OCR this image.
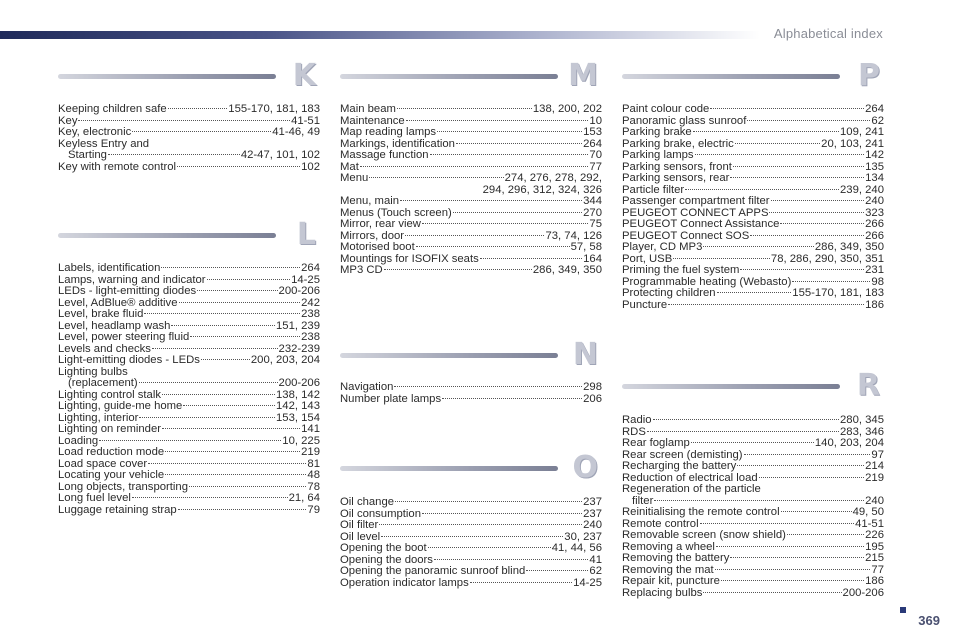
Alphabetical index
K
Keeping children safe	155-170, 181, 183
Key	41-51
Key, electronic	41-46, 49
Keyless Entry and
Starting	42-47, 101, 102
Key with remote control	102
L
Labels, identification	264
Lamps, warning and indicator	14-25
LEDs - light-emitting diodes	200-206
Level, AdBlue® additive	242
Level, brake fluid	238
Level, headlamp wash	151, 239
Level, power steering fluid	238
Levels and checks	232-239
Light-emitting diodes - LEDs	200, 203, 204
Lighting bulbs
(replacement)	200-206
Lighting control stalk	138, 142
Lighting, guide-me home	142, 143
Lighting, interior	153, 154
Lighting on reminder	141
Loading	10, 225
Load reduction mode	219
Load space cover	81
Locating your vehicle	48
Long objects, transporting	78
Long fuel level	21, 64
Luggage retaining strap	79
M
Main beam	138, 200, 202
Maintenance	10
Map reading lamps	153
Markings, identification	264
Massage function	70
Mat	77
Menu	274, 276, 278, 292,
294, 296, 312, 324, 326
Menu, main	344
Menus (Touch screen)	270
Mirror, rear view	75
Mirrors, door	73, 74, 126
Motorised boot	57, 58
Mountings for ISOFIX seats	164
MP3 CD	286, 349, 350
N
Navigation	298
Number plate lamps	206
O
Oil change	237
Oil consumption	237
Oil filter	240
Oil level	30, 237
Opening the boot	41, 44, 56
Opening the doors	41
Opening the panoramic sunroof blind	62
Operation indicator lamps	14-25
P
Paint colour code	264
Panoramic glass sunroof	62
Parking brake	109, 241
Parking brake, electric	20, 103, 241
Parking lamps	142
Parking sensors, front	135
Parking sensors, rear	134
Particle filter	239, 240
Passenger compartment filter	240
PEUGEOT CONNECT APPS	323
PEUGEOT Connect Assistance	266
PEUGEOT Connect SOS	266
Player, CD MP3	286, 349, 350
Port, USB	78, 286, 290, 350, 351
Priming the fuel system	231
Programmable heating (Webasto)	98
Protecting children	155-170, 181, 183
Puncture	186
R
Radio	280, 345
RDS	283, 346
Rear foglamp	140, 203, 204
Rear screen (demisting)	97
Recharging the battery	214
Reduction of electrical load	219
Regeneration of the particle
filter	240
Reinitialising the remote control	49, 50
Remote control	41-51
Removable screen (snow shield)	226
Removing a wheel	195
Removing the battery	215
Removing the mat	77
Repair kit, puncture	186
Replacing bulbs	200-206
369
